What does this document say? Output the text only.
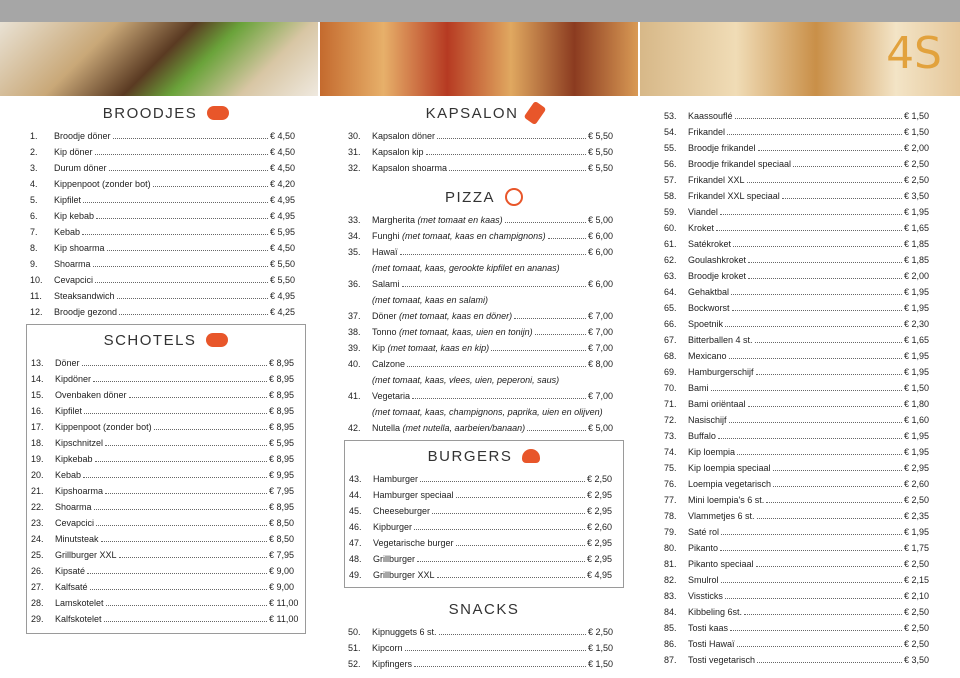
4S
BROODJES
1.	Broodje döner	€ 4,50
2.	Kip döner	€ 4,50
3.	Durum döner	€ 4,50
4.	Kippenpoot (zonder bot)	€ 4,20
5.	Kipfilet	€ 4,95
6.	Kip kebab	€ 4,95
7.	Kebab	€ 5,95
8.	Kip shoarma	€ 4,50
9.	Shoarma	€ 5,50
10.	Cevapcici	€ 5,50
11.	Steaksandwich	€ 4,95
12.	Broodje gezond	€ 4,25
SCHOTELS
13.	Döner	€ 8,95
14.	Kipdöner	€ 8,95
15.	Ovenbaken döner	€ 8,95
16.	Kipfilet	€ 8,95
17.	Kippenpoot (zonder bot)	€ 8,95
18.	Kipschnitzel	€ 5,95
19.	Kipkebab	€ 8,95
20.	Kebab	€ 9,95
21.	Kipshoarma	€ 7,95
22.	Shoarma	€ 8,95
23.	Cevapcici	€ 8,50
24.	Minutsteak	€ 8,50
25.	Grillburger XXL	€ 7,95
26.	Kipsaté	€ 9,00
27.	Kalfsaté	€ 9,00
28.	Lamskotelet	€ 11,00
29.	Kalfskotelet	€ 11,00
KAPSALON
30.	Kapsalon döner	€ 5,50
31.	Kapsalon kip	€ 5,50
32.	Kapsalon shoarma	€ 5,50
PIZZA
33.	Margherita (met tomaat en kaas)	€ 5,00
34.	Funghi (met tomaat, kaas en champignons)	€ 6,00
35.	Hawaï	€ 6,00
(met tomaat, kaas, gerookte kipfilet en ananas)
36.	Salami	€ 6,00
(met tomaat, kaas en salami)
37.	Döner (met tomaat, kaas en döner)	€ 7,00
38.	Tonno (met tomaat, kaas, uien en tonijn)	€ 7,00
39.	Kip (met tomaat, kaas en kip)	€ 7,00
40.	Calzone	€ 8,00
(met tomaat, kaas, vlees, uien, peperoni, saus)
41.	Vegetaria	€ 7,00
(met tomaat, kaas, champignons, paprika, uien en olijven)
42.	Nutella (met nutella, aarbeien/banaan)	€ 5,00
BURGERS
43.	Hamburger	€ 2,50
44.	Hamburger speciaal	€ 2,95
45.	Cheeseburger	€ 2,95
46.	Kipburger	€ 2,60
47.	Vegetarische burger	€ 2,95
48.	Grillburger	€ 2,95
49.	Grillburger XXL	€ 4,95
SNACKS
50.	Kipnuggets 6 st.	€ 2,50
51.	Kipcorn	€ 1,50
52.	Kipfingers	€ 1,50
53.	Kaassouflé	€ 1,50
54.	Frikandel	€ 1,50
55.	Broodje frikandel	€ 2,00
56.	Broodje frikandel speciaal	€ 2,50
57.	Frikandel XXL	€ 2,50
58.	Frikandel XXL speciaal	€ 3,50
59.	Viandel	€ 1,95
60.	Kroket	€ 1,65
61.	Satékroket	€ 1,85
62.	Goulashkroket	€ 1,85
63.	Broodje kroket	€ 2,00
64.	Gehaktbal	€ 1,95
65.	Bockworst	€ 1,95
66.	Spoetnik	€ 2,30
67.	Bitterballen 4 st.	€ 1,65
68.	Mexicano	€ 1,95
69.	Hamburgerschijf	€ 1,95
70.	Bami	€ 1,50
71.	Bami oriëntaal	€ 1,80
72.	Nasischijf	€ 1,60
73.	Buffalo	€ 1,95
74.	Kip loempia	€ 1,95
75.	Kip loempia speciaal	€ 2,95
76.	Loempia vegetarisch	€ 2,60
77.	Mini loempia's 6 st.	€ 2,50
78.	Vlammetjes 6 st.	€ 2,35
79.	Saté rol	€ 1,95
80.	Pikanto	€ 1,75
81.	Pikanto speciaal	€ 2,50
82.	Smulrol	€ 2,15
83.	Vissticks	€ 2,10
84.	Kibbeling 6st.	€ 2,50
85.	Tosti kaas	€ 2,50
86.	Tosti Hawaï	€ 2,50
87.	Tosti vegetarisch	€ 3,50
